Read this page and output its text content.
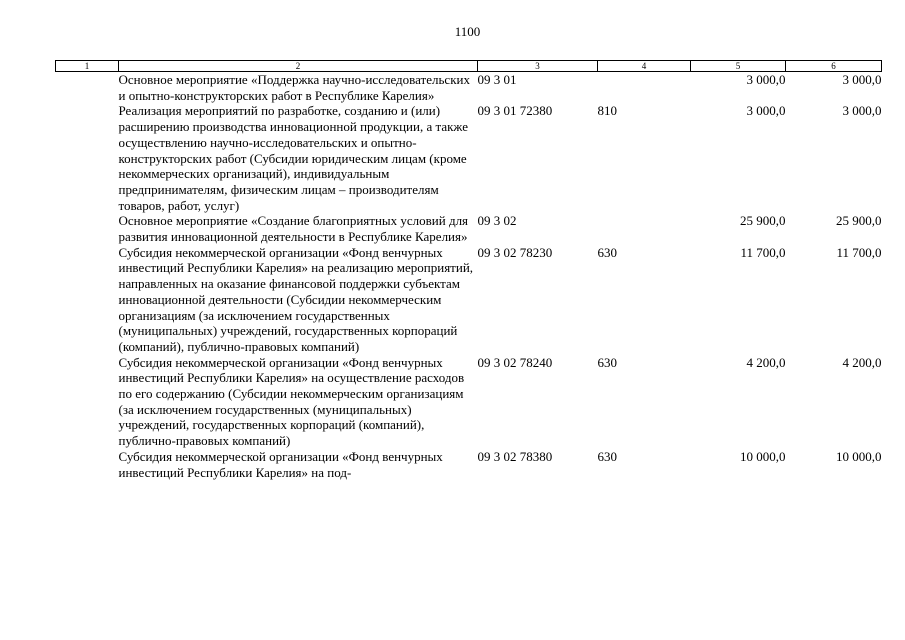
1100
1	2	3	4	5	6
	Основное мероприятие «Поддержка научно-исследовательских и опытно-конструкторских работ в Республике Карелия»	09 3 01		3 000,0	3 000,0
	Реализация мероприятий по разработке, созданию и (или) расширению производства инновационной продукции, а также осуществлению научно-исследовательских и опытно-конструкторских работ (Субсидии юридическим лицам (кроме некоммерческих организаций), индивидуальным предпринимателям, физическим лицам – производителям товаров, работ, услуг)	09 3 01 72380	810	3 000,0	3 000,0
	Основное мероприятие «Создание благоприятных условий для развития инновационной деятельности в Республике Карелия»	09 3 02		25 900,0	25 900,0
	Субсидия некоммерческой организации «Фонд венчурных инвестиций Республики Карелия» на реализацию мероприятий, направленных на оказание финансовой поддержки субъектам инновационной деятельности (Субсидии некоммерческим организациям (за исключением государственных (муниципальных) учреждений, государственных корпораций (компаний), публично-правовых компаний)	09 3 02 78230	630	11 700,0	11 700,0
	Субсидия некоммерческой организации «Фонд венчурных инвестиций Республики Карелия» на осуществление расходов по его содержанию (Субсидии некоммерческим организациям (за исключением государственных (муниципальных) учреждений, государственных корпораций (компаний), публично-правовых компаний)	09 3 02 78240	630	4 200,0	4 200,0
	Субсидия некоммерческой организации «Фонд венчурных инвестиций Республики Карелия» на под-	09 3 02 78380	630	10 000,0	10 000,0
